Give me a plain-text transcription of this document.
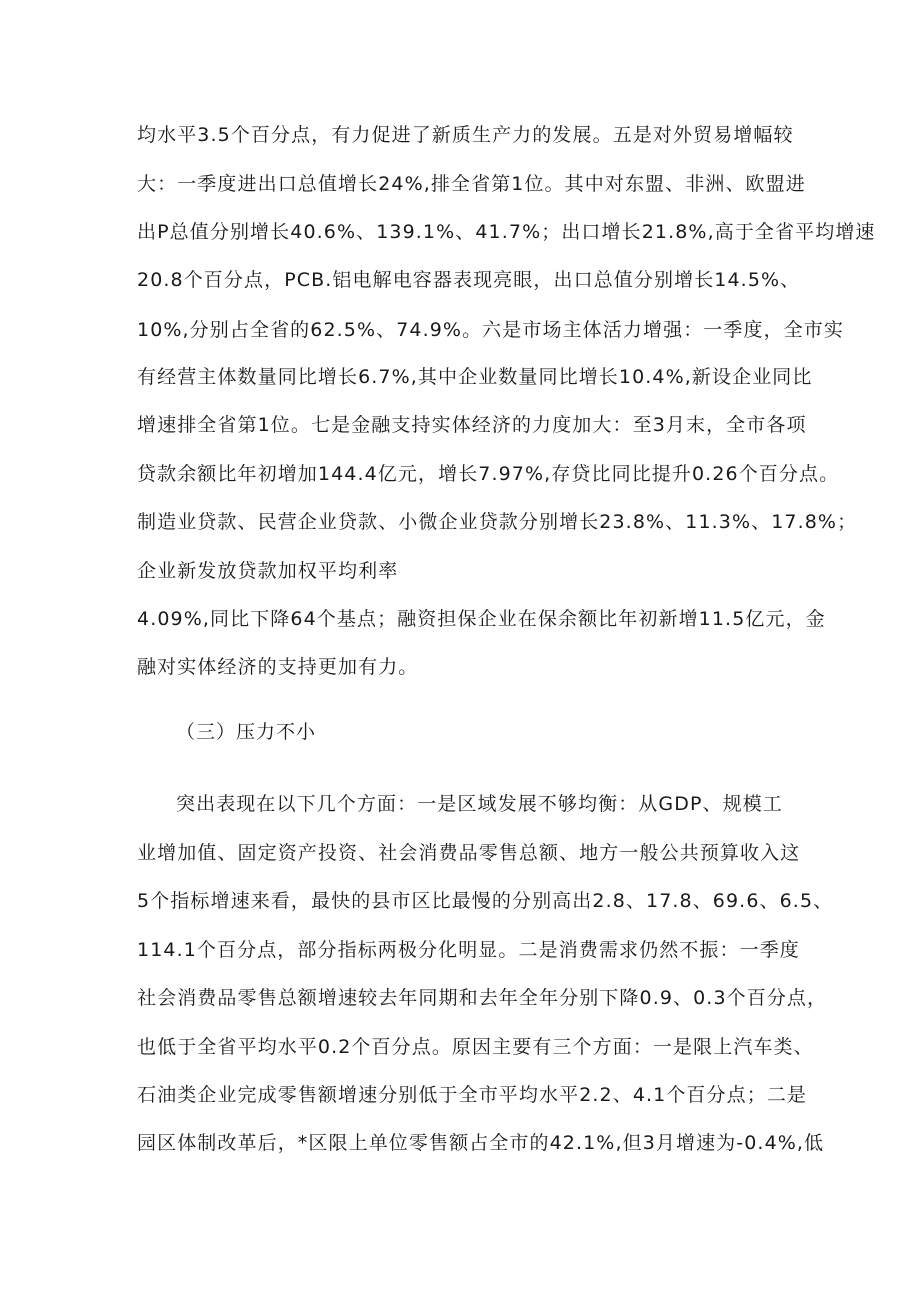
均水平3.5个百分点，有力促进了新质生产力的发展。五是对外贸易增幅较
大：一季度进出口总值增长24%,排全省第1位。其中对东盟、非洲、欧盟进
出P总值分别增长40.6%、139.1%、41.7%；出口增长21.8%,高于全省平均增速
20.8个百分点，PCB.铝电解电容器表现亮眼，出口总值分别增长14.5%、
10%,分别占全省的62.5%、74.9%。六是市场主体活力增强：一季度，全市实
有经营主体数量同比增长6.7%,其中企业数量同比增长10.4%,新设企业同比
增速排全省第1位。七是金融支持实体经济的力度加大：至3月末，全市各项
贷款余额比年初增加144.4亿元，增长7.97%,存贷比同比提升0.26个百分点。
制造业贷款、民营企业贷款、小微企业贷款分别增长23.8%、11.3%、17.8%；
企业新发放贷款加权平均利率
4.09%,同比下降64个基点；融资担保企业在保余额比年初新增11.5亿元，金
融对实体经济的支持更加有力。
（三）压力不小
突出表现在以下几个方面：一是区域发展不够均衡：从GDP、规模工
业增加值、固定资产投资、社会消费品零售总额、地方一般公共预算收入这
5个指标增速来看，最快的县市区比最慢的分别高出2.8、17.8、69.6、6.5、
114.1个百分点，部分指标两极分化明显。二是消费需求仍然不振：一季度
社会消费品零售总额增速较去年同期和去年全年分别下降0.9、0.3个百分点，
也低于全省平均水平0.2个百分点。原因主要有三个方面：一是限上汽车类、
石油类企业完成零售额增速分别低于全市平均水平2.2、4.1个百分点；二是
园区体制改革后，*区限上单位零售额占全市的42.1%,但3月增速为-0.4%,低
